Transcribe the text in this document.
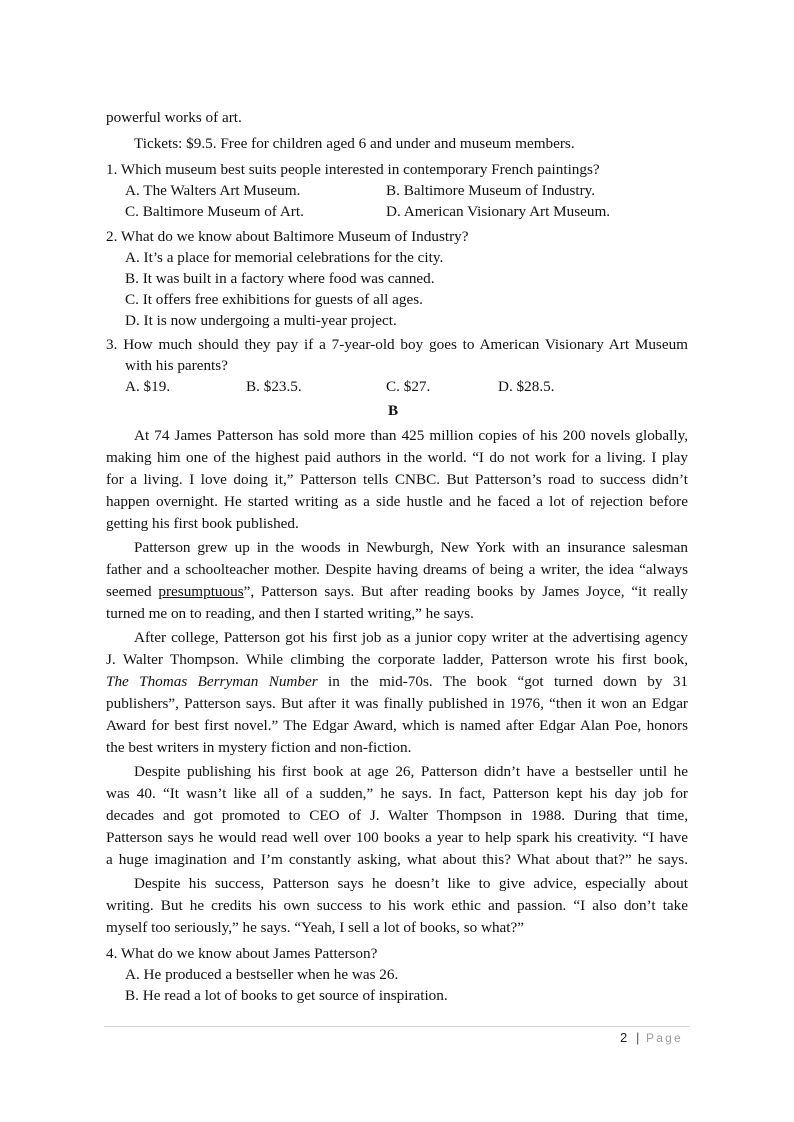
powerful works of art.
Tickets: $9.5. Free for children aged 6 and under and museum members.
1. Which museum best suits people interested in contemporary French paintings?
A. The Walters Art Museum.	B. Baltimore Museum of Industry.
C. Baltimore Museum of Art.	D. American Visionary Art Museum.
2. What do we know about Baltimore Museum of Industry?
A. It’s a place for memorial celebrations for the city.
B. It was built in a factory where food was canned.
C. It offers free exhibitions for guests of all ages.
D. It is now undergoing a multi-year project.
3. How much should they pay if a 7-year-old boy goes to American Visionary Art Museum
with his parents?
A. $19.	B. $23.5.	C. $27.	D. $28.5.
B
At 74 James Patterson has sold more than 425 million copies of his 200 novels globally,
making him one of the highest paid authors in the world. “I do not work for a living. I play
for a living. I love doing it,” Patterson tells CNBC. But Patterson’s road to success didn’t
happen overnight. He started writing as a side hustle and he faced a lot of rejection before
getting his first book published.
Patterson grew up in the woods in Newburgh, New York with an insurance salesman
father and a schoolteacher mother. Despite having dreams of being a writer, the idea “always
seemed presumptuous”, Patterson says. But after reading books by James Joyce, “it really
turned me on to reading, and then I started writing,” he says.
After college, Patterson got his first job as a junior copy writer at the advertising agency
J. Walter Thompson. While climbing the corporate ladder, Patterson wrote his first book,
The Thomas Berryman Number in the mid-70s. The book “got turned down by 31
publishers”, Patterson says. But after it was finally published in 1976, “then it won an Edgar
Award for best first novel.” The Edgar Award, which is named after Edgar Alan Poe, honors
the best writers in mystery fiction and non-fiction.
Despite publishing his first book at age 26, Patterson didn’t have a bestseller until he
was 40. “It wasn’t like all of a sudden,” he says. In fact, Patterson kept his day job for
decades and got promoted to CEO of J. Walter Thompson in 1988. During that time,
Patterson says he would read well over 100 books a year to help spark his creativity. “I have
a huge imagination and I’m constantly asking, what about this? What about that?” he says.
Despite his success, Patterson says he doesn’t like to give advice, especially about
writing. But he credits his own success to his work ethic and passion. “I also don’t take
myself too seriously,” he says. “Yeah, I sell a lot of books, so what?”
4. What do we know about James Patterson?
A. He produced a bestseller when he was 26.
B. He read a lot of books to get source of inspiration.
2 | Page
